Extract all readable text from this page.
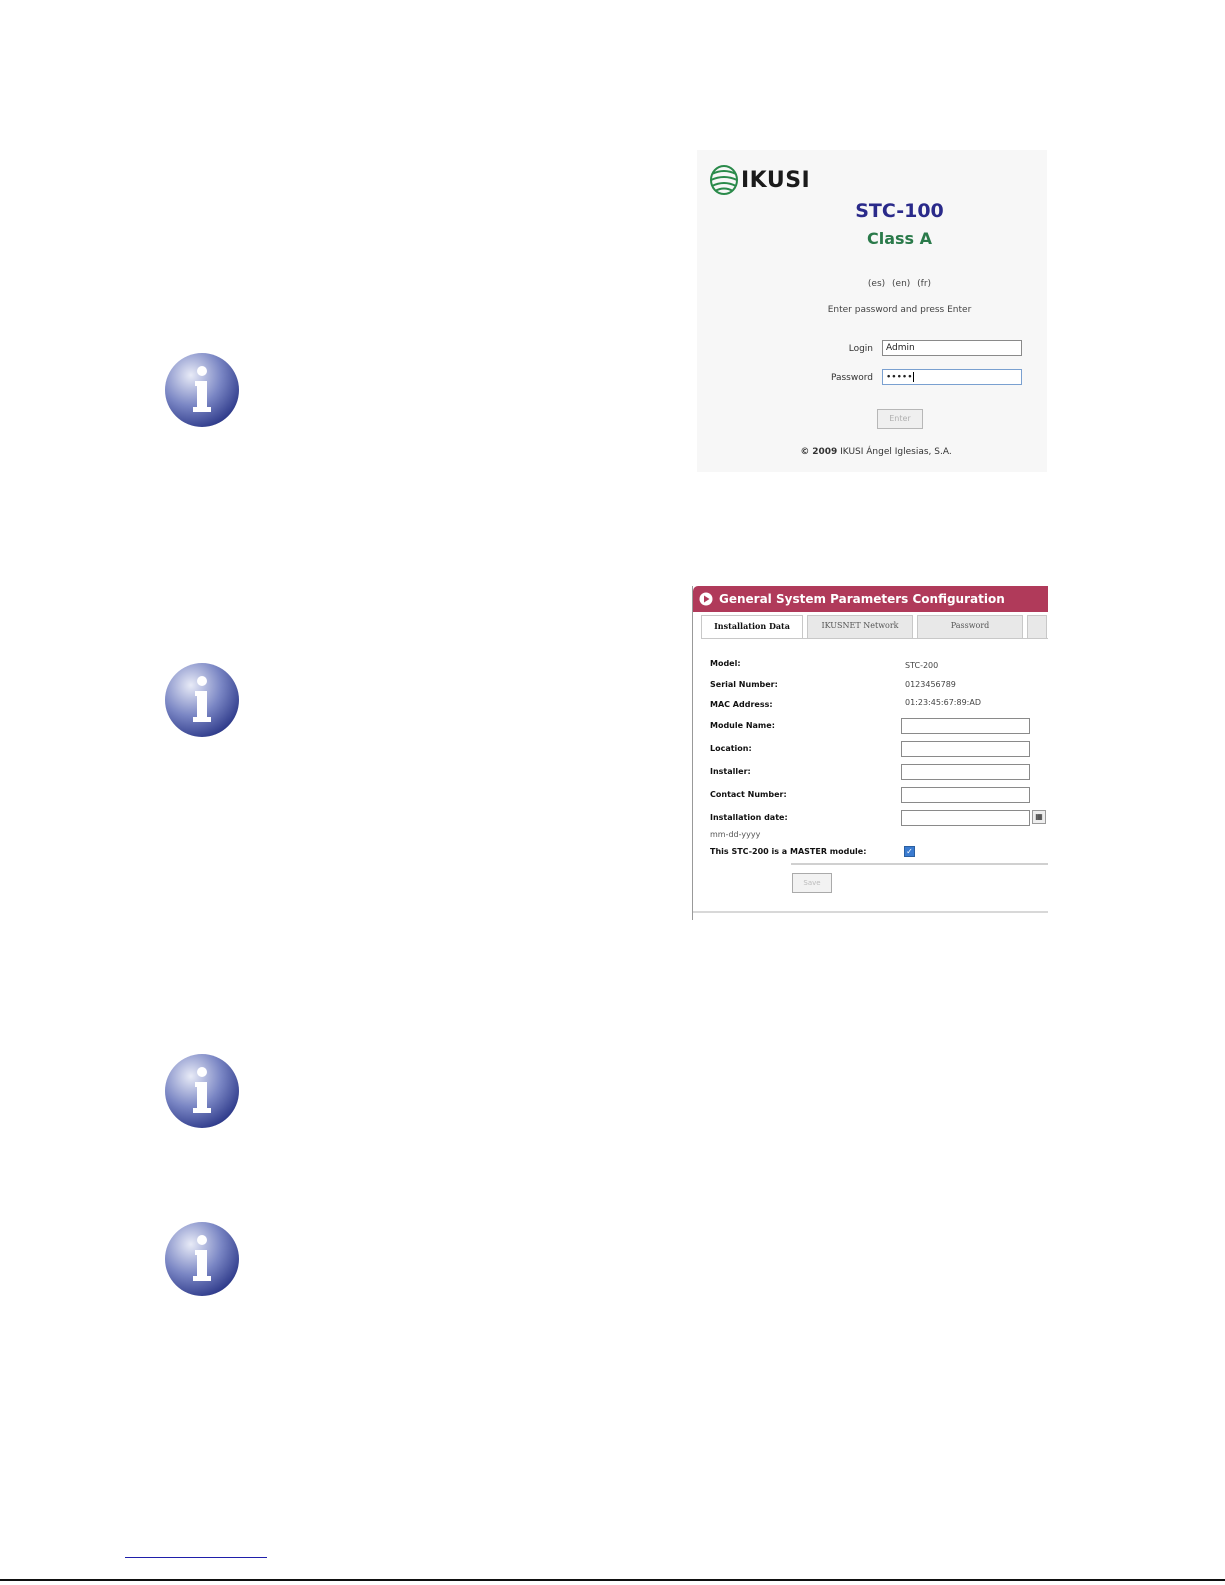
IKUSI
STC-100
Class A
(es) (en) (fr)
Enter password and press Enter
Login	Admin
Password	•••••
Enter
© 2009 IKUSI Ángel Iglesias, S.A.
General System Parameters Configuration
Installation Data	IKUSNET Network	Password
Model:	STC-200
Serial Number:	0123456789
MAC Address:	01:23:45:67:89:AD
Module Name:
Location:
Installer:
Contact Number:
Installation date:	▦
mm-dd-yyyy
This STC-200 is a MASTER module:	✓
Save
